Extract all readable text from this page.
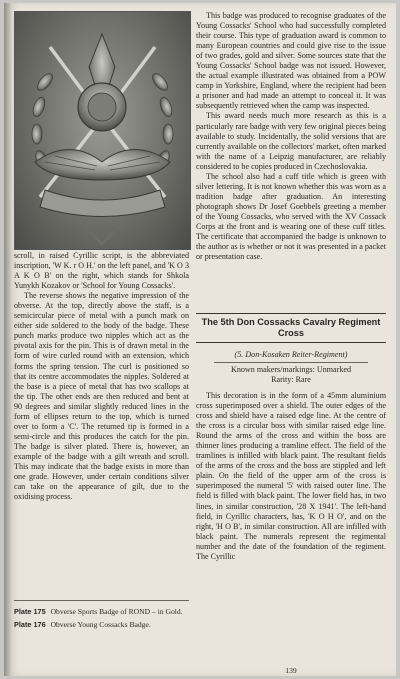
scroll, in raised Cyrillic script, is the abbreviated inscription, 'W K. r O H.' on the left panel, and 'K O 3 A K O B' on the right, which stands for Shkola Yunykh Kozakov or 'School for Young Cossacks'.

The reverse shows the negative impression of the obverse. At the top, directly above the staff, is a semicircular piece of metal with a punch mark on either side soldered to the body of the badge. These punch marks produce two nipples which act as the pivotal axis for the pin. This is of drawn metal in the form of wire curled round with an extension, which forms the spring tension. The curl is positioned so that its centre accommodates the nipples. Soldered at the base is a piece of metal that has two scallops at the tip. The other ends are then reduced and bent at 90 degrees and similar slightly reduced lines in the form of ellipses return to the top, which is turned over to form a 'C'. The returned tip is formed in a semi-circle and this produces the catch for the pin. The badge is silver plated. There is, however, an example of the badge with a gilt wreath and scroll. This may indicate that the badge exists in more than one grade. However, under certain conditions silver can take on the appearance of gilt, due to the oxidising process.

Plate 175 Obverse Sports Badge of ROND – in Gold.
Plate 176 Obverse Young Cossacks Badge.

This badge was produced to recognise graduates of the Young Cossacks' School who had successfully completed their course. This type of graduation award is common to many European countries and could give rise to the issue of two grades, gold and silver. Some sources state that the Young Cossacks' School badge was not issued. However, the actual example illustrated was obtained from a POW camp in Yorkshire, England, where the recipient had been a prisoner and had made an attempt to conceal it. It was subsequently retrieved when the camp was inspected.

This award needs much more research as this is a particularly rare badge with very few original pieces being available to study. Incidentally, the solid versions that are currently available on the collectors' market, often marked with the name of a Leipzig manufacturer, are reliably considered to be copies produced in Czechoslovakia.

The school also had a cuff title which is green with silver lettering. It is not known whether this was worn as a tradition badge after graduation. An interesting photograph shows Dr Josef Goebbels greeting a member of the Young Cossacks, who served with the XV Cossack Corps at the front and is wearing one of these cuff titles. The certificate that accompanied the badge is unknown to the author as is whether or not it was presented in a packet or presentation case.

The 5th Don Cossacks Cavalry Regiment Cross
(5. Don-Kosaken Reiter-Regiment)
Known makers/markings: Unmarked
Rarity: Rare

This decoration is in the form of a 45mm aluminium cross superimposed over a shield. The outer edges of the cross and shield have a raised edge line. At the centre of the cross is a circular boss with similar raised edge line. Round the arms of the cross and within the boss are thinner lines producing a tramline effect. The field of the tramlines is infilled with black paint. The resultant fields of the arms of the cross and the boss are stippled and left plain. On the field of the upper arm of the cross is superimposed the numeral '5' with raised outer line. The field is filled with black paint. The lower field has, in two lines, in similar construction, '28 X 1941'. The left-hand field, in Cyrillic characters, has, 'K O H O', and on the right, 'H O B', in similar construction. All are infilled with black paint. The numerals represent the regimental number and the date of the foundation of the regiment. The Cyrillic

139
